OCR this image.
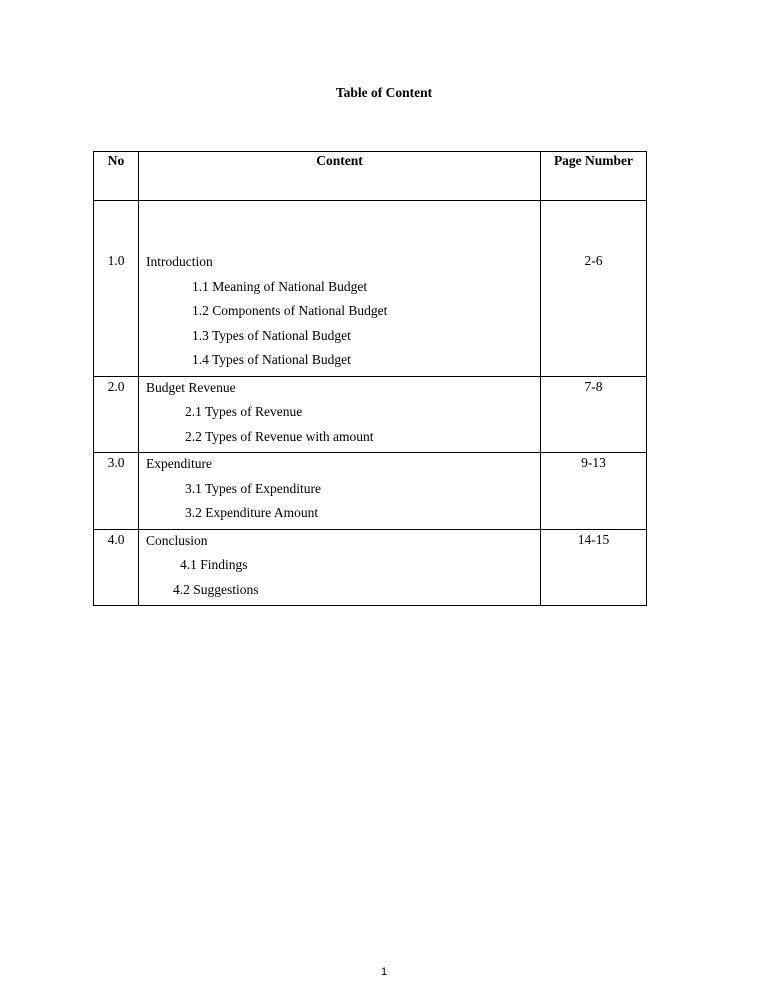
Table of Content
No	Content	Page Number
1.0	Introduction
1.1 Meaning of National Budget
1.2 Components of National Budget
1.3 Types of National Budget
1.4 Types of National Budget	2-6
2.0	Budget Revenue
2.1 Types of Revenue
2.2 Types of Revenue with amount	7-8
3.0	Expenditure
3.1 Types of Expenditure
3.2 Expenditure Amount	9-13
4.0	Conclusion
4.1 Findings
4.2 Suggestions	14-15
1
